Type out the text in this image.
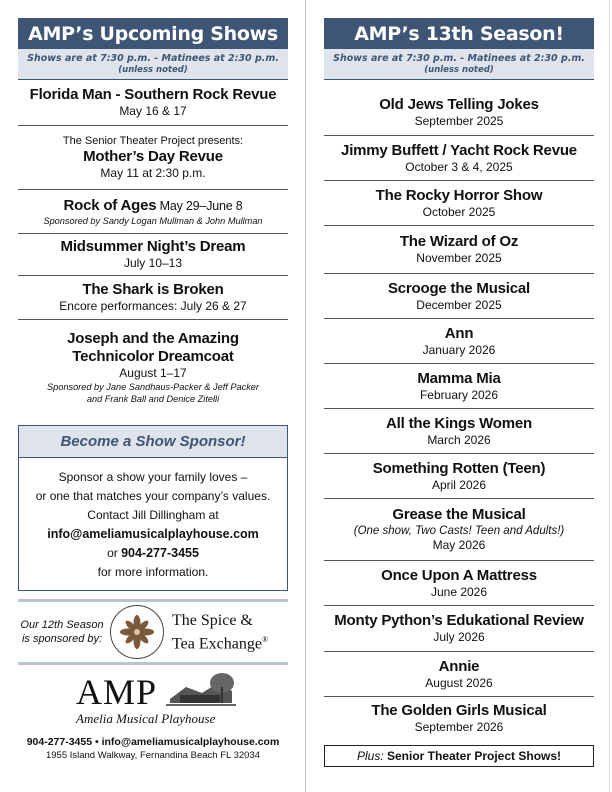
AMP’s Upcoming Shows
Shows are at 7:30 p.m. - Matinees at 2:30 p.m.
(unless noted)
Florida Man - Southern Rock Revue
May 16 & 17
The Senior Theater Project presents:
Mother’s Day Revue
May 11 at 2:30 p.m.
Rock of Ages May 29–June 8
Sponsored by Sandy Logan Mullman & John Mullman
Midsummer Night’s Dream
July 10–13
The Shark is Broken
Encore performances: July 26 & 27
Joseph and the Amazing
Technicolor Dreamcoat
August 1–17
Sponsored by Jane Sandhaus-Packer & Jeff Packer
and Frank Ball and Denice Zitelli
Become a Show Sponsor!
Sponsor a show your family loves –
or one that matches your company’s values.
Contact Jill Dillingham at
info@ameliamusicalplayhouse.com
or 904-277-3455
for more information.
Our 12th Season
is sponsored by:
The Spice &
Tea Exchange®
AMP
Amelia Musical Playhouse
904-277-3455 • info@ameliamusicalplayhouse.com
1955 Island Walkway, Fernandina Beach FL 32034
AMP’s 13th Season!
Shows are at 7:30 p.m. - Matinees at 2:30 p.m.
(unless noted)
Old Jews Telling Jokes
September 2025
Jimmy Buffett / Yacht Rock Revue
October 3 & 4, 2025
The Rocky Horror Show
October 2025
The Wizard of Oz
November 2025
Scrooge the Musical
December 2025
Ann
January 2026
Mamma Mia
February 2026
All the Kings Women
March 2026
Something Rotten (Teen)
April 2026
Grease the Musical
(One show, Two Casts! Teen and Adults!)
May 2026
Once Upon A Mattress
June 2026
Monty Python’s Edukational Review
July 2026
Annie
August 2026
The Golden Girls Musical
September 2026
Plus: Senior Theater Project Shows!
